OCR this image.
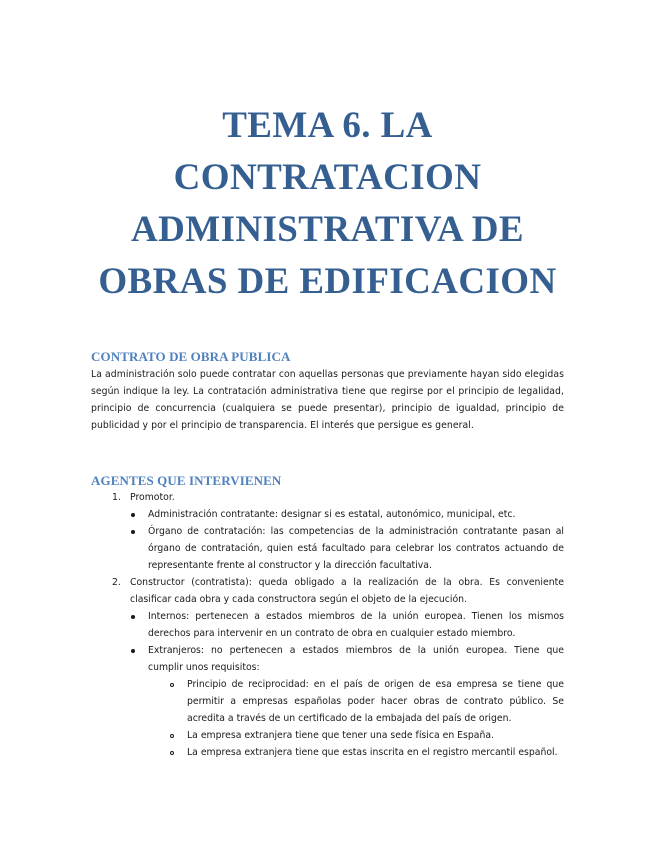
TEMA 6. LA
CONTRATACION
ADMINISTRATIVA DE
OBRAS DE EDIFICACION
CONTRATO DE OBRA PUBLICA
La administración solo puede contratar con aquellas personas que previamente hayan sido elegidas según indique la ley. La contratación administrativa tiene que regirse por el principio de legalidad, principio de concurrencia (cualquiera se puede presentar), principio de igualdad, principio de publicidad y por el principio de transparencia. El interés que persigue es general.
AGENTES QUE INTERVIENEN
1. Promotor.
Administración contratante: designar si es estatal, autonómico, municipal, etc.
Órgano de contratación: las competencias de la administración contratante pasan al
órgano de contratación, quien está facultado para celebrar los contratos actuando de
representante frente al constructor y la dirección facultativa.
2. Constructor (contratista): queda obligado a la realización de la obra. Es conveniente
clasificar cada obra y cada constructora según el objeto de la ejecución.
Internos: pertenecen a estados miembros de la unión europea. Tienen los mismos
derechos para intervenir en un contrato de obra en cualquier estado miembro.
Extranjeros: no pertenecen a estados miembros de la unión europea. Tiene que
cumplir unos requisitos:
Principio de reciprocidad: en el país de origen de esa empresa se tiene que
permitir a empresas españolas poder hacer obras de contrato público. Se
acredita a través de un certificado de la embajada del país de origen.
La empresa extranjera tiene que tener una sede física en España.
La empresa extranjera tiene que estas inscrita en el registro mercantil español.
